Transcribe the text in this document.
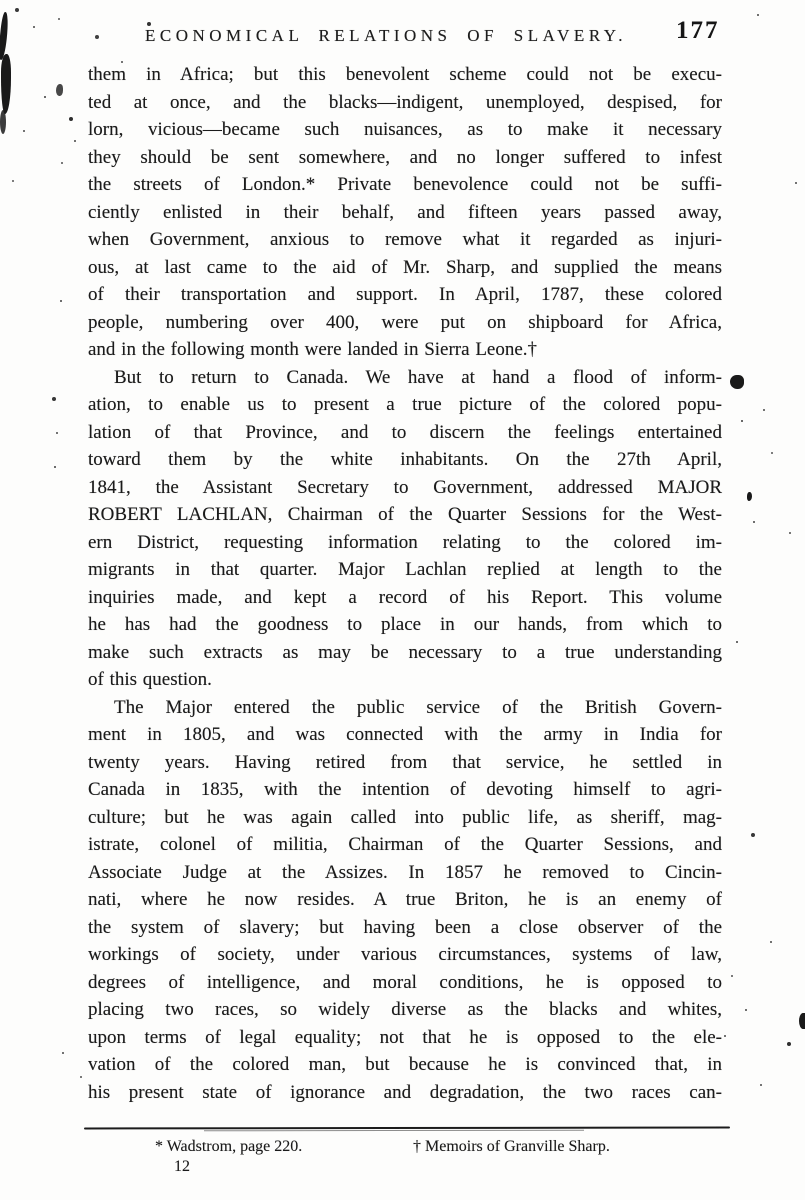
ECONOMICAL RELATIONS OF SLAVERY.	177
them in Africa; but this benevolent scheme could not be execu-
ted at once, and the blacks—indigent, unemployed, despised, for
lorn, vicious—became such nuisances, as to make it necessary
they should be sent somewhere, and no longer suffered to infest
the streets of London.* Private benevolence could not be suffi-
ciently enlisted in their behalf, and fifteen years passed away,
when Government, anxious to remove what it regarded as injuri-
ous, at last came to the aid of Mr. Sharp, and supplied the means
of their transportation and support. In April, 1787, these colored
people, numbering over 400, were put on shipboard for Africa,
and in the following month were landed in Sierra Leone.†
But to return to Canada. We have at hand a flood of inform-
ation, to enable us to present a true picture of the colored popu-
lation of that Province, and to discern the feelings entertained
toward them by the white inhabitants. On the 27th April,
1841, the Assistant Secretary to Government, addressed MAJOR
ROBERT LACHLAN, Chairman of the Quarter Sessions for the West-
ern District, requesting information relating to the colored im-
migrants in that quarter. Major Lachlan replied at length to the
inquiries made, and kept a record of his Report. This volume
he has had the goodness to place in our hands, from which to
make such extracts as may be necessary to a true understanding
of this question.
The Major entered the public service of the British Govern-
ment in 1805, and was connected with the army in India for
twenty years. Having retired from that service, he settled in
Canada in 1835, with the intention of devoting himself to agri-
culture; but he was again called into public life, as sheriff, mag-
istrate, colonel of militia, Chairman of the Quarter Sessions, and
Associate Judge at the Assizes. In 1857 he removed to Cincin-
nati, where he now resides. A true Briton, he is an enemy of
the system of slavery; but having been a close observer of the
workings of society, under various circumstances, systems of law,
degrees of intelligence, and moral conditions, he is opposed to
placing two races, so widely diverse as the blacks and whites,
upon terms of legal equality; not that he is opposed to the ele-
vation of the colored man, but because he is convinced that, in
his present state of ignorance and degradation, the two races can-
* Wadstrom, page 220.	† Memoirs of Granville Sharp.
12
